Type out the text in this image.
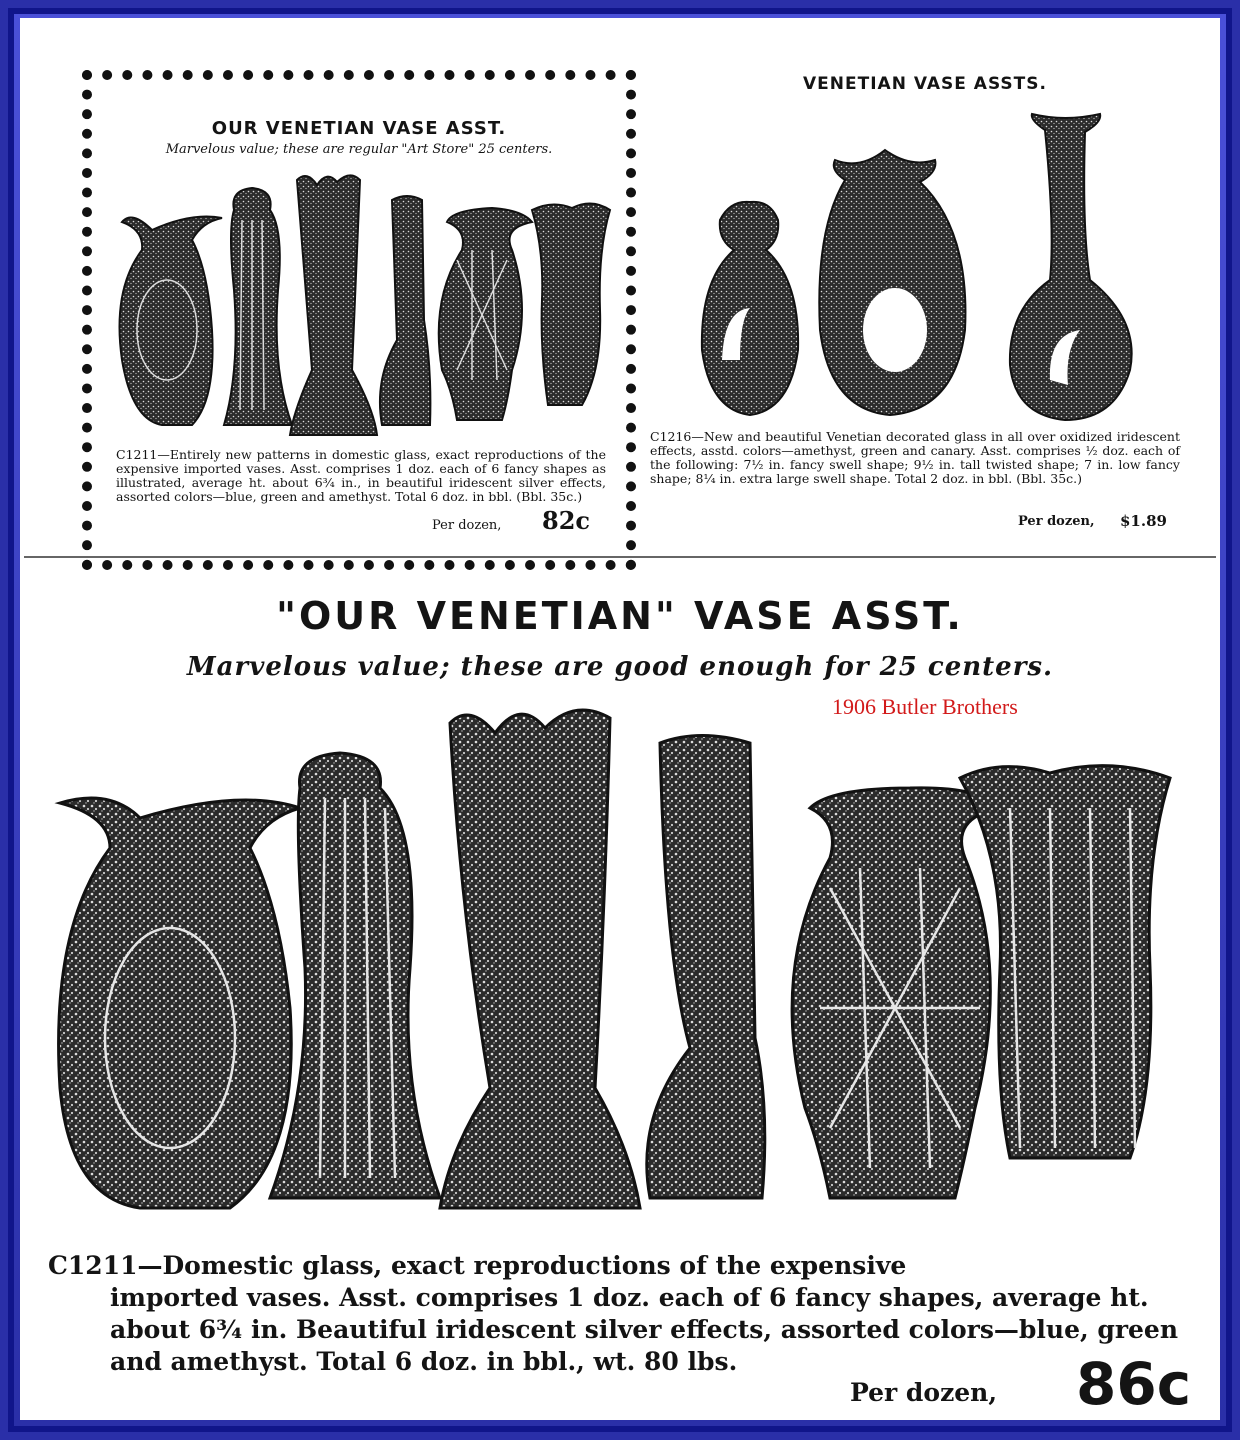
OUR VENETIAN VASE ASST.
Marvelous value; these are regular "Art Store" 25 centers.
C1211—Entirely new patterns in domestic glass, exact reproductions of the expensive imported vases. Asst. comprises 1 doz. each of 6 fancy shapes as illustrated, average ht. about 6¾ in., in beautiful iridescent silver effects, assorted colors—blue, green and amethyst. Total 6 doz. in bbl. (Bbl. 35c.)
Per dozen, 82c
VENETIAN VASE ASSTS.
C1216—New and beautiful Venetian decorated glass in all over oxidized iridescent effects, asstd. colors—amethyst, green and canary. Asst. comprises ½ doz. each of the following: 7½ in. fancy swell shape; 9½ in. tall twisted shape; 7 in. low fancy shape; 8¼ in. extra large swell shape. Total 2 doz. in bbl. (Bbl. 35c.)
Per dozen, $1.89
"OUR VENETIAN" VASE ASST.
Marvelous value; these are good enough for 25 centers.
1906 Butler Brothers
C1211—Domestic glass, exact reproductions of the expensive
imported vases. Asst. comprises 1 doz. each of 6 fancy shapes, average ht. about 6¾ in. Beautiful iridescent silver effects, assorted colors—blue, green and amethyst. Total 6 doz. in bbl., wt. 80 lbs.
Per dozen, 86c
